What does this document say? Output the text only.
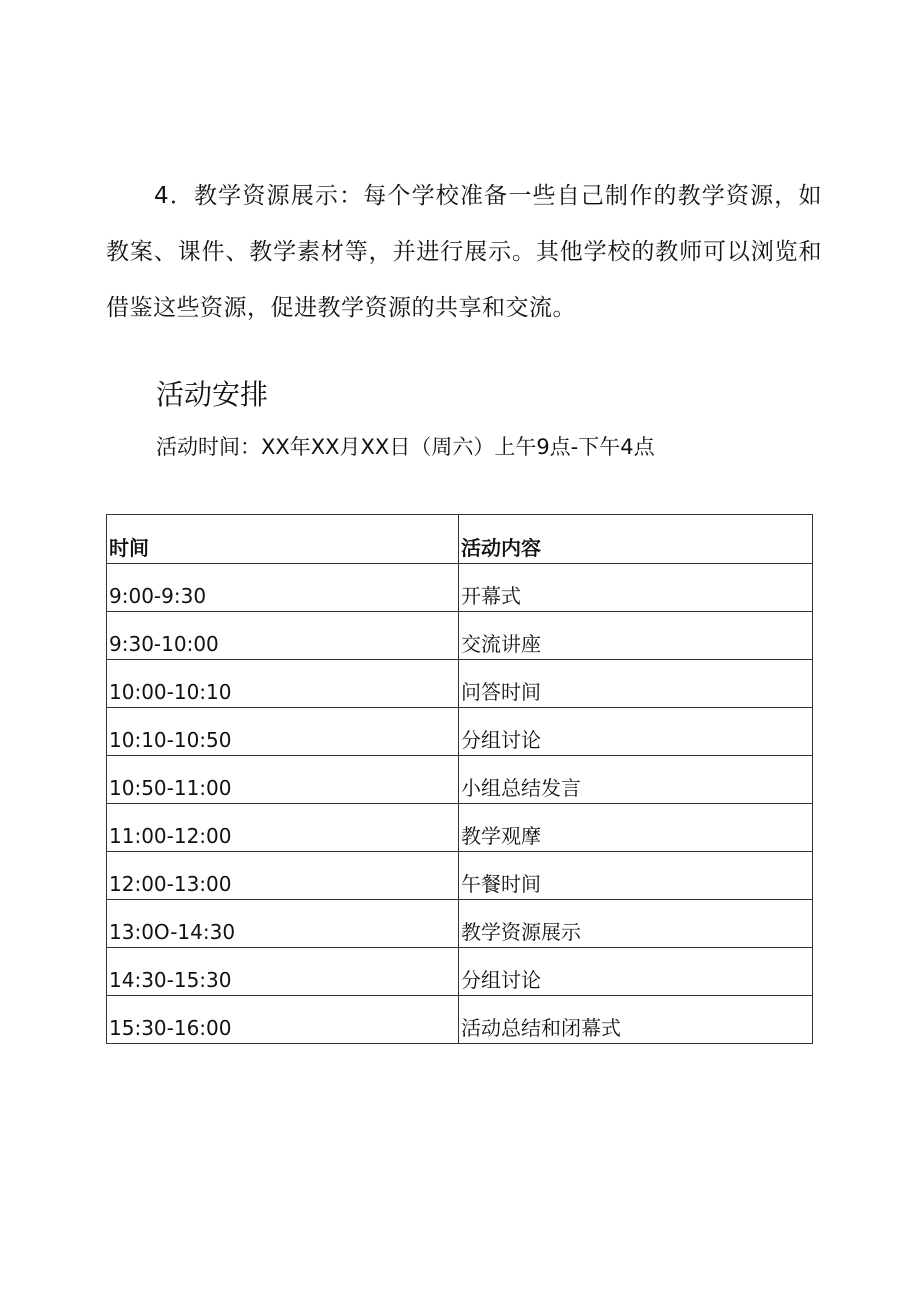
4．教学资源展示：每个学校准备一些自己制作的教学资源，如教案、课件、教学素材等，并进行展示。其他学校的教师可以浏览和借鉴这些资源，促进教学资源的共享和交流。

活动安排

活动时间：XX年XX月XX日（周六）上午9点-下午4点

时间	活动内容

9:00-9:30	开幕式

9:30-10:00	交流讲座

10:00-10:10	问答时间

10:10-10:50	分组讨论

10:50-11:00	小组总结发言

11:00-12:00	教学观摩

12:00-13:00	午餐时间

13:0O-14:30	教学资源展示

14:30-15:30	分组讨论

15:30-16:00	活动总结和闭幕式
